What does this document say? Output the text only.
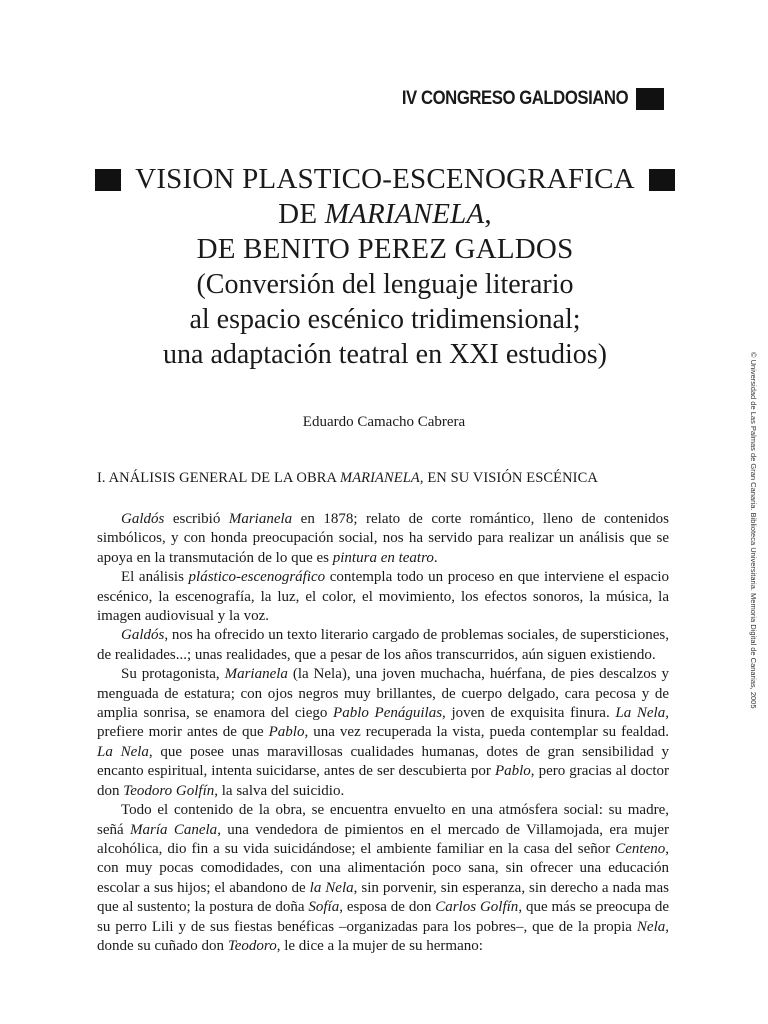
IV CONGRESO GALDOSIANO
VISION PLASTICO-ESCENOGRAFICA
DE MARIANELA,
DE BENITO PEREZ GALDOS
(Conversión del lenguaje literario
al espacio escénico tridimensional;
una adaptación teatral en XXI estudios)
Eduardo Camacho Cabrera
I. ANÁLISIS GENERAL DE LA OBRA MARIANELA, EN SU VISIÓN ESCÉNICA

Galdós escribió Marianela en 1878; relato de corte romántico, lleno de contenidos simbólicos, y con honda preocupación social, nos ha servido para realizar un análisis que se apoya en la transmutación de lo que es pintura en teatro.

El análisis plástico-escenográfico contempla todo un proceso en que interviene el espacio escénico, la escenografía, la luz, el color, el movimiento, los efectos sonoros, la música, la imagen audiovisual y la voz.

Galdós, nos ha ofrecido un texto literario cargado de problemas sociales, de supersticiones, de realidades...; unas realidades, que a pesar de los años transcurridos, aún siguen existiendo.

Su protagonista, Marianela (la Nela), una joven muchacha, huérfana, de pies descalzos y menguada de estatura; con ojos negros muy brillantes, de cuerpo delgado, cara pecosa y de amplia sonrisa, se enamora del ciego Pablo Penáguilas, joven de exquisita finura. La Nela, prefiere morir antes de que Pablo, una vez recuperada la vista, pueda contemplar su fealdad. La Nela, que posee unas maravillosas cualidades humanas, dotes de gran sensibilidad y encanto espiritual, intenta suicidarse, antes de ser descubierta por Pablo, pero gracias al doctor don Teodoro Golfín, la salva del suicidio.

Todo el contenido de la obra, se encuentra envuelto en una atmósfera social: su madre, señá María Canela, una vendedora de pimientos en el mercado de Villamojada, era mujer alcohólica, dio fin a su vida suicidándose; el ambiente familiar en la casa del señor Centeno, con muy pocas comodidades, con una alimentación poco sana, sin ofrecer una educación escolar a sus hijos; el abandono de la Nela, sin porvenir, sin esperanza, sin derecho a nada mas que al sustento; la postura de doña Sofía, esposa de don Carlos Golfín, que más se preocupa de su perro Lili y de sus fiestas benéficas –organizadas para los pobres–, que de la propia Nela, donde su cuñado don Teodoro, le dice a la mujer de su hermano:

© Universidad de Las Palmas de Gran Canaria. Biblioteca Universitaria. Memoria Digital de Canarias, 2005
